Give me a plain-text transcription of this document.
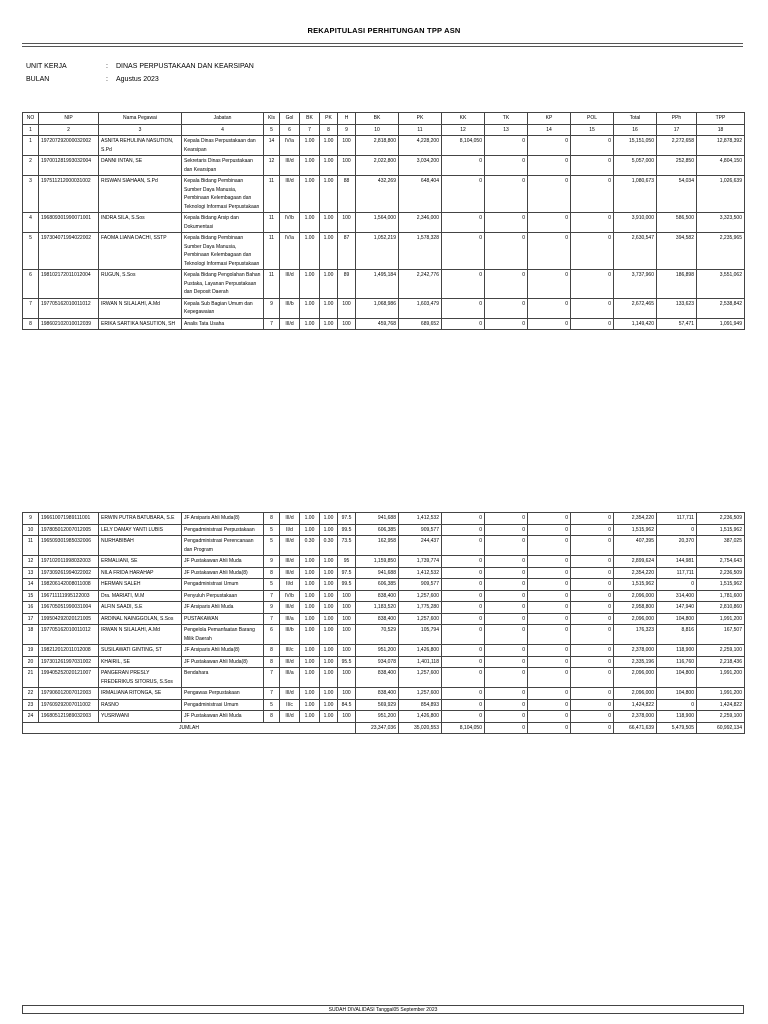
REKAPITULASI PERHITUNGAN TPP ASN
UNIT KERJA	: DINAS PERPUSTAKAAN DAN KEARSIPAN
BULAN	: Agustus 2023
NO	NIP	Nama Pegawai	Jabatan	Kls	Gol	BK	PK	H	BK	PK	KK	TK	KP	POL	Total	PPh	TPP
1	2	3	4	5	6	7	8	9	10	11	12	13	14	15	16	17	18
1	197207292000032002	ASNITA REHULINA NASUTION, S.Pd	Kepala Dinas Perpustakaan dan Kearsipan	14	IV/a	1.00	1.00	100	2,818,800	4,228,200	8,104,050	0	0	0	15,151,050	2,272,658	12,878,392
2	197001281993032004	DANNI INTAN, SE	Sekretaris Dinas Perpustakaan dan Kearsipan	12	III/d	1.00	1.00	100	2,022,800	3,034,200	0	0	0	0	5,057,000	252,850	4,804,150
3	197511212000031002	RISWAN SIAHAAN, S.Pd	Kepala Bidang Pembinaan Sumber Daya Manusia, Pembinaan Kelembagaan dan Teknologi Informasi Perpustakaan	11	III/d	1.00	1.00	88	432,269	648,404	0	0	0	0	1,080,673	54,034	1,026,639
4	196809301990071001	INDRA SILA, S.Sos	Kepala Bidang Arsip dan Dokumentasi	11	IV/b	1.00	1.00	100	1,564,000	2,346,000	0	0	0	0	3,910,000	586,500	3,323,500
5	197304071994022002	FAOMA LIANA DACHI, SSTP	Kepala Bidang Pembinaan Sumber Daya Manusia, Pembinaan Kelembagaan dan Teknologi Informasi Perpustakaan	11	IV/a	1.00	1.00	87	1,052,219	1,578,328	0	0	0	0	2,630,547	394,582	2,235,965
6	198102172011012004	RUGUN, S.Sos	Kepala Bidang Pengolahan Bahan Pustaka, Layanan Perpustakaan dan Deposit Daerah	11	III/d	1.00	1.00	89	1,495,184	2,242,776	0	0	0	0	3,737,960	186,898	3,551,062
7	197705162010011012	IRWAN N SILALAHI, A.Md	Kepala Sub Bagian Umum dan Kepegawaian	9	III/b	1.00	1.00	100	1,068,986	1,603,479	0	0	0	0	2,672,465	133,623	2,538,842
8	198602102010012039	ERIKA SARTIKA NASUTION, SH	Analis Tata Usaha	7	III/d	1.00	1.00	100	459,768	689,652	0	0	0	0	1,149,420	57,471	1,091,949
9	196610071989111001	ERWIN PUTRA BATUBARA, S.E	JF Arsiparis Ahli Muda(8)	8	III/d	1.00	1.00	97.5	941,688	1,412,532	0	0	0	0	2,354,220	117,711	2,236,509
10	197805012007012005	LELY DAMAY YANTI LUBIS	Pengadministrasi Perpustakaan	5	II/d	1.00	1.00	99.5	606,385	909,577	0	0	0	0	1,515,962	0	1,515,962
11	196509301985032006	NURHABIBAH	Pengadministrasi Perencanaan dan Program	5	III/d	0.30	0.30	73.5	162,958	244,437	0	0	0	0	407,395	20,370	387,025
12	197102011998032003	ERMALIANI, SE	JF Pustakawan Ahli Muda	9	III/d	1.00	1.00	95	1,159,850	1,739,774	0	0	0	0	2,899,624	144,981	2,754,643
13	197309261994022002	NILA FRIDA HARAHAP	JF Pustakawan Ahli Muda(8)	8	III/d	1.00	1.00	97.5	941,688	1,412,532	0	0	0	0	2,354,220	117,711	2,236,509
14	198206142008011008	HERMAN SALEH	Pengadministrasi Umum	5	II/d	1.00	1.00	99.5	606,385	909,577	0	0	0	0	1,515,962	0	1,515,962
15	196711111995122003	Dra. MARIATI, M.M	Penyuluh Perpustakaan	7	IV/b	1.00	1.00	100	838,400	1,257,600	0	0	0	0	2,096,000	314,400	1,781,600
16	196705051990031004	ALFIN SAADI, S.E	JF Arsiparis Ahli Muda	9	III/d	1.00	1.00	100	1,183,520	1,775,280	0	0	0	0	2,958,800	147,940	2,810,860
17	199504292020121005	ARDINAL NAINGGOLAN, S.Sos	PUSTAKAWAN	7	III/a	1.00	1.00	100	838,400	1,257,600	0	0	0	0	2,096,000	104,800	1,991,200
18	197705162010011012	IRWAN N SILALAHI, A.Md	Pengelola Pemanfaatan Barang Milik Daerah	6	III/b	1.00	1.00	100	70,529	105,794	0	0	0	0	176,323	8,816	167,507
19	198212012011012008	SUSILAWATI GINTING, ST	JF Arsiparis Ahli Muda(8)	8	III/c	1.00	1.00	100	951,200	1,426,800	0	0	0	0	2,378,000	118,900	2,259,100
20	197301261997031002	KHAIRIL, SE	JF Pustakawan Ahli Muda(8)	8	III/d	1.00	1.00	95.5	934,078	1,401,118	0	0	0	0	2,335,196	116,760	2,218,436
21	199405252020121007	PANGERAN PRESLY FREDERIKUS SITORUS, S.Sos	Bendahara	7	III/a	1.00	1.00	100	838,400	1,257,600	0	0	0	0	2,096,000	104,800	1,991,200
22	197906012007012003	IRMALIANA RITONGA, SE	Pengawas Perpustakaan	7	III/d	1.00	1.00	100	838,400	1,257,600	0	0	0	0	2,096,000	104,800	1,991,200
23	197609292007011002	RASNO	Pengadministrasi Umum	5	II/c	1.00	1.00	84.5	569,929	854,893	0	0	0	0	1,424,822	0	1,424,822
24	196805121989032003	YUSRIWANI	JF Pustakawan Ahli Muda	8	III/d	1.00	1.00	100	951,200	1,426,800	0	0	0	0	2,378,000	118,900	2,259,100
JUMLAH									23,347,036	35,020,553	8,104,050	0	0	0	66,471,639	5,479,505	60,992,134
SUDAH DIVALIDASI Tanggal05 September 2023
